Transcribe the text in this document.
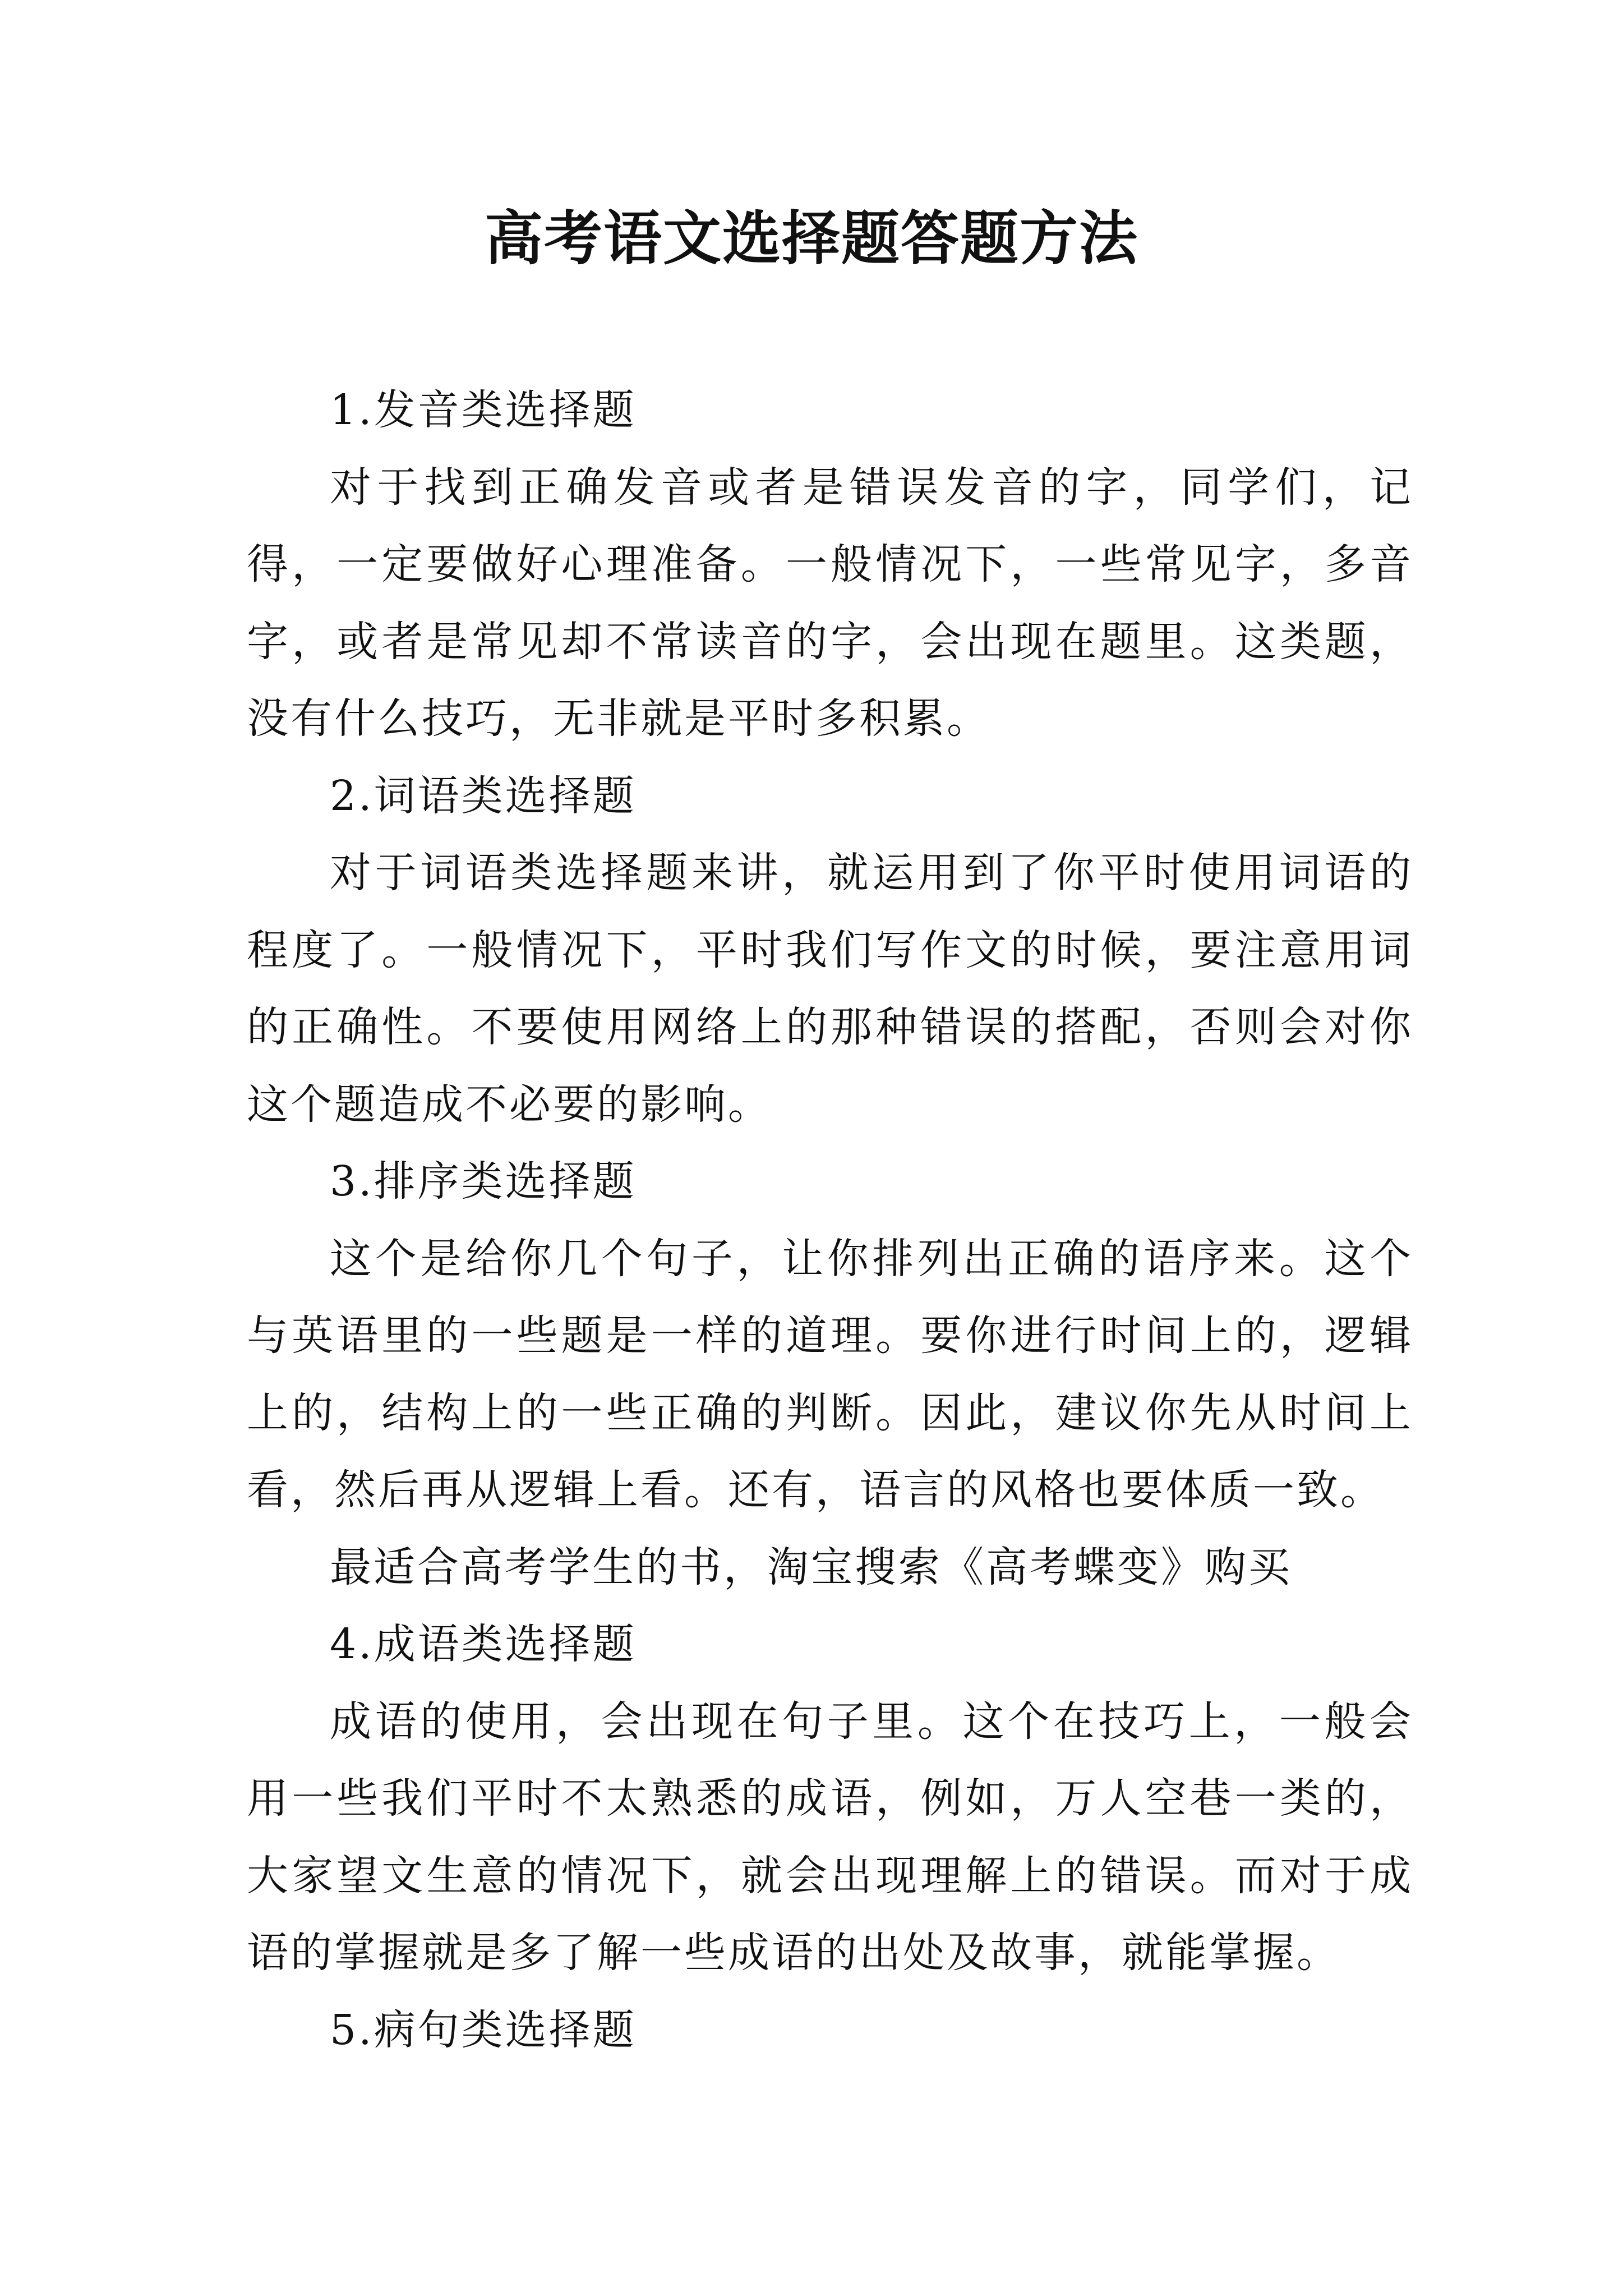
高考语文选择题答题方法

1.发音类选择题

对于找到正确发音或者是错误发音的字，同学们，记得，一定要做好心理准备。一般情况下，一些常见字，多音字，或者是常见却不常读音的字，会出现在题里。这类题，没有什么技巧，无非就是平时多积累。

2.词语类选择题

对于词语类选择题来讲，就运用到了你平时使用词语的程度了。一般情况下，平时我们写作文的时候，要注意用词的正确性。不要使用网络上的那种错误的搭配，否则会对你这个题造成不必要的影响。

3.排序类选择题

这个是给你几个句子，让你排列出正确的语序来。这个与英语里的一些题是一样的道理。要你进行时间上的，逻辑上的，结构上的一些正确的判断。因此，建议你先从时间上看，然后再从逻辑上看。还有，语言的风格也要体质一致。

最适合高考学生的书，淘宝搜索《高考蝶变》购买

4.成语类选择题

成语的使用，会出现在句子里。这个在技巧上，一般会用一些我们平时不太熟悉的成语，例如，万人空巷一类的，大家望文生意的情况下，就会出现理解上的错误。而对于成语的掌握就是多了解一些成语的出处及故事，就能掌握。

5.病句类选择题
